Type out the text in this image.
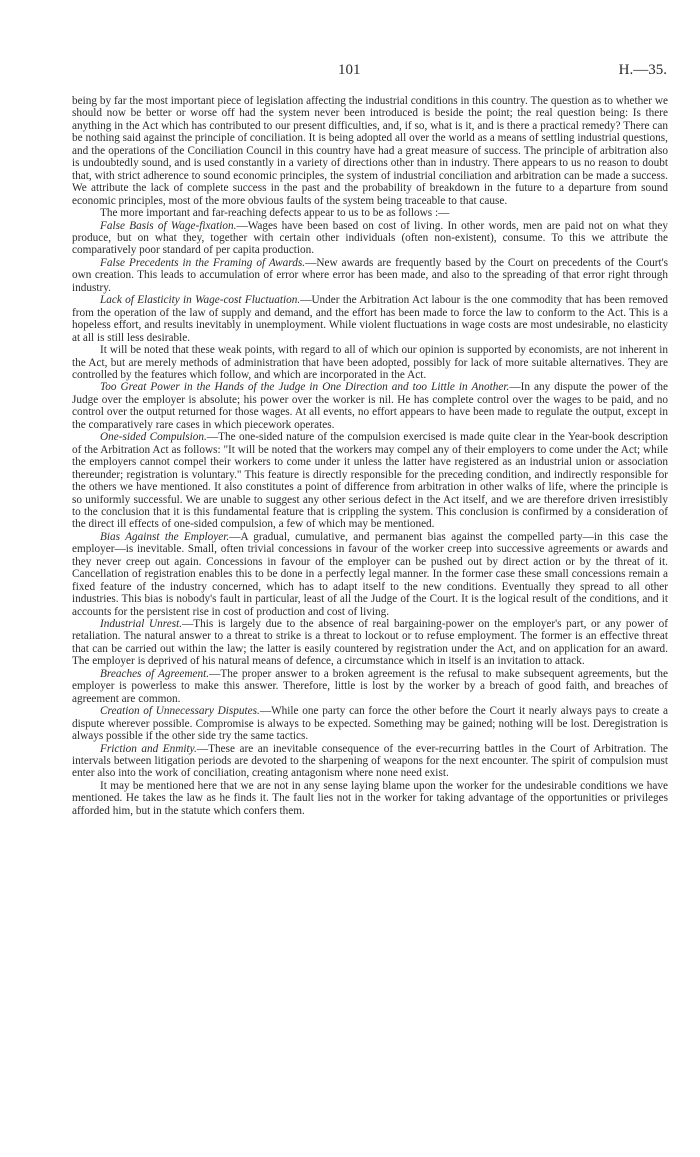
101	H.—35.

being by far the most important piece of legislation affecting the industrial conditions in this country. The question as to whether we should now be better or worse off had the system never been introduced is beside the point; the real question being: Is there anything in the Act which has contributed to our present difficulties, and, if so, what is it, and is there a practical remedy? There can be nothing said against the principle of conciliation. It is being adopted all over the world as a means of settling industrial questions, and the operations of the Conciliation Council in this country have had a great measure of success. The principle of arbitration also is undoubtedly sound, and is used constantly in a variety of directions other than in industry. There appears to us no reason to doubt that, with strict adherence to sound economic principles, the system of industrial conciliation and arbitration can be made a success. We attribute the lack of complete success in the past and the probability of breakdown in the future to a departure from sound economic principles, most of the more obvious faults of the system being traceable to that cause.

The more important and far-reaching defects appear to us to be as follows :—

False Basis of Wage-fixation.—Wages have been based on cost of living. In other words, men are paid not on what they produce, but on what they, together with certain other individuals (often non-existent), consume. To this we attribute the comparatively poor standard of per capita production.

False Precedents in the Framing of Awards.—New awards are frequently based by the Court on precedents of the Court's own creation. This leads to accumulation of error where error has been made, and also to the spreading of that error right through industry.

Lack of Elasticity in Wage-cost Fluctuation.—Under the Arbitration Act labour is the one commodity that has been removed from the operation of the law of supply and demand, and the effort has been made to force the law to conform to the Act. This is a hopeless effort, and results inevitably in unemployment. While violent fluctuations in wage costs are most undesirable, no elasticity at all is still less desirable.

It will be noted that these weak points, with regard to all of which our opinion is supported by economists, are not inherent in the Act, but are merely methods of administration that have been adopted, possibly for lack of more suitable alternatives. They are controlled by the features which follow, and which are incorporated in the Act.

Too Great Power in the Hands of the Judge in One Direction and too Little in Another.—In any dispute the power of the Judge over the employer is absolute; his power over the worker is nil. He has complete control over the wages to be paid, and no control over the output returned for those wages. At all events, no effort appears to have been made to regulate the output, except in the comparatively rare cases in which piecework operates.

One-sided Compulsion.—The one-sided nature of the compulsion exercised is made quite clear in the Year-book description of the Arbitration Act as follows: "It will be noted that the workers may compel any of their employers to come under the Act; while the employers cannot compel their workers to come under it unless the latter have registered as an industrial union or association thereunder; registration is voluntary." This feature is directly responsible for the preceding condition, and indirectly responsible for the others we have mentioned. It also constitutes a point of difference from arbitration in other walks of life, where the principle is so uniformly successful. We are unable to suggest any other serious defect in the Act itself, and we are therefore driven irresistibly to the conclusion that it is this fundamental feature that is crippling the system. This conclusion is confirmed by a consideration of the direct ill effects of one-sided compulsion, a few of which may be mentioned.

Bias Against the Employer.—A gradual, cumulative, and permanent bias against the compelled party—in this case the employer—is inevitable. Small, often trivial concessions in favour of the worker creep into successive agreements or awards and they never creep out again. Concessions in favour of the employer can be pushed out by direct action or by the threat of it. Cancellation of registration enables this to be done in a perfectly legal manner. In the former case these small concessions remain a fixed feature of the industry concerned, which has to adapt itself to the new conditions. Eventually they spread to all other industries. This bias is nobody's fault in particular, least of all the Judge of the Court. It is the logical result of the conditions, and it accounts for the persistent rise in cost of production and cost of living.

Industrial Unrest.—This is largely due to the absence of real bargaining-power on the employer's part, or any power of retaliation. The natural answer to a threat to strike is a threat to lockout or to refuse employment. The former is an effective threat that can be carried out within the law; the latter is easily countered by registration under the Act, and on application for an award. The employer is deprived of his natural means of defence, a circumstance which in itself is an invitation to attack.

Breaches of Agreement.—The proper answer to a broken agreement is the refusal to make subsequent agreements, but the employer is powerless to make this answer. Therefore, little is lost by the worker by a breach of good faith, and breaches of agreement are common.

Creation of Unnecessary Disputes.—While one party can force the other before the Court it nearly always pays to create a dispute wherever possible. Compromise is always to be expected. Something may be gained; nothing will be lost. Deregistration is always possible if the other side try the same tactics.

Friction and Enmity.—These are an inevitable consequence of the ever-recurring battles in the Court of Arbitration. The intervals between litigation periods are devoted to the sharpening of weapons for the next encounter. The spirit of compulsion must enter also into the work of conciliation, creating antagonism where none need exist.

It may be mentioned here that we are not in any sense laying blame upon the worker for the undesirable conditions we have mentioned. He takes the law as he finds it. The fault lies not in the worker for taking advantage of the opportunities or privileges afforded him, but in the statute which confers them.
